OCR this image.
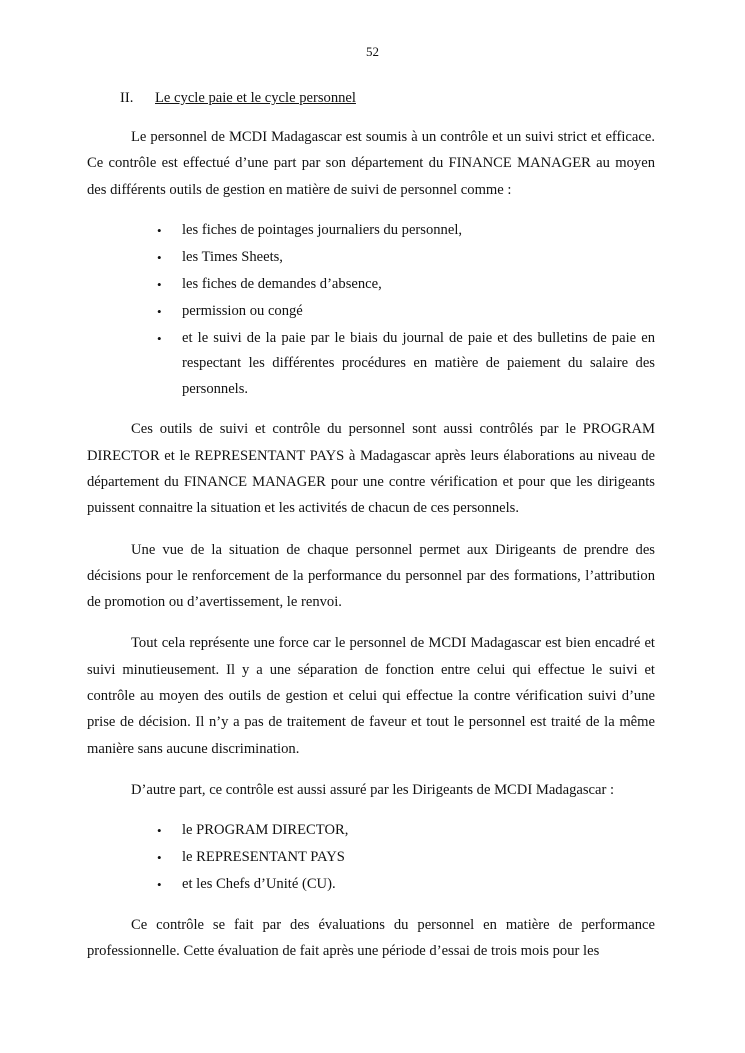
52
II.	Le cycle paie et le cycle personnel

Le personnel de MCDI Madagascar est soumis à un contrôle et un suivi strict et efficace. Ce contrôle est effectué d’une part par son département du FINANCE MANAGER au moyen des différents outils de gestion en matière de suivi de personnel comme :

• les fiches de pointages journaliers du personnel,
• les Times Sheets,
• les fiches de demandes d’absence,
• permission ou congé
• et le suivi de la paie par le biais du journal de paie et des bulletins de paie en respectant les différentes procédures en matière de paiement du salaire des personnels.

Ces outils de suivi et contrôle du personnel sont aussi contrôlés par le PROGRAM DIRECTOR et le REPRESENTANT PAYS à Madagascar après leurs élaborations au niveau de département du FINANCE MANAGER pour une contre vérification et pour que les dirigeants puissent connaitre la situation et les activités de chacun de ces personnels.

Une vue de la situation de chaque personnel permet aux Dirigeants de prendre des décisions pour le renforcement de la performance du personnel par des formations, l’attribution de promotion ou d’avertissement, le renvoi.

Tout cela représente une force car le personnel de MCDI Madagascar est bien encadré et suivi minutieusement. Il y a une séparation de fonction entre celui qui effectue le suivi et contrôle au moyen des outils de gestion et celui qui effectue la contre vérification suivi d’une prise de décision. Il n’y a pas de traitement de faveur et tout le personnel est traité de la même manière sans aucune discrimination.

D’autre part, ce contrôle est aussi assuré par les Dirigeants de MCDI Madagascar :

• le PROGRAM DIRECTOR,
• le REPRESENTANT PAYS
• et les Chefs d’Unité (CU).

Ce contrôle se fait par des évaluations du personnel en matière de performance professionnelle. Cette évaluation de fait après une période d’essai de trois mois pour les
